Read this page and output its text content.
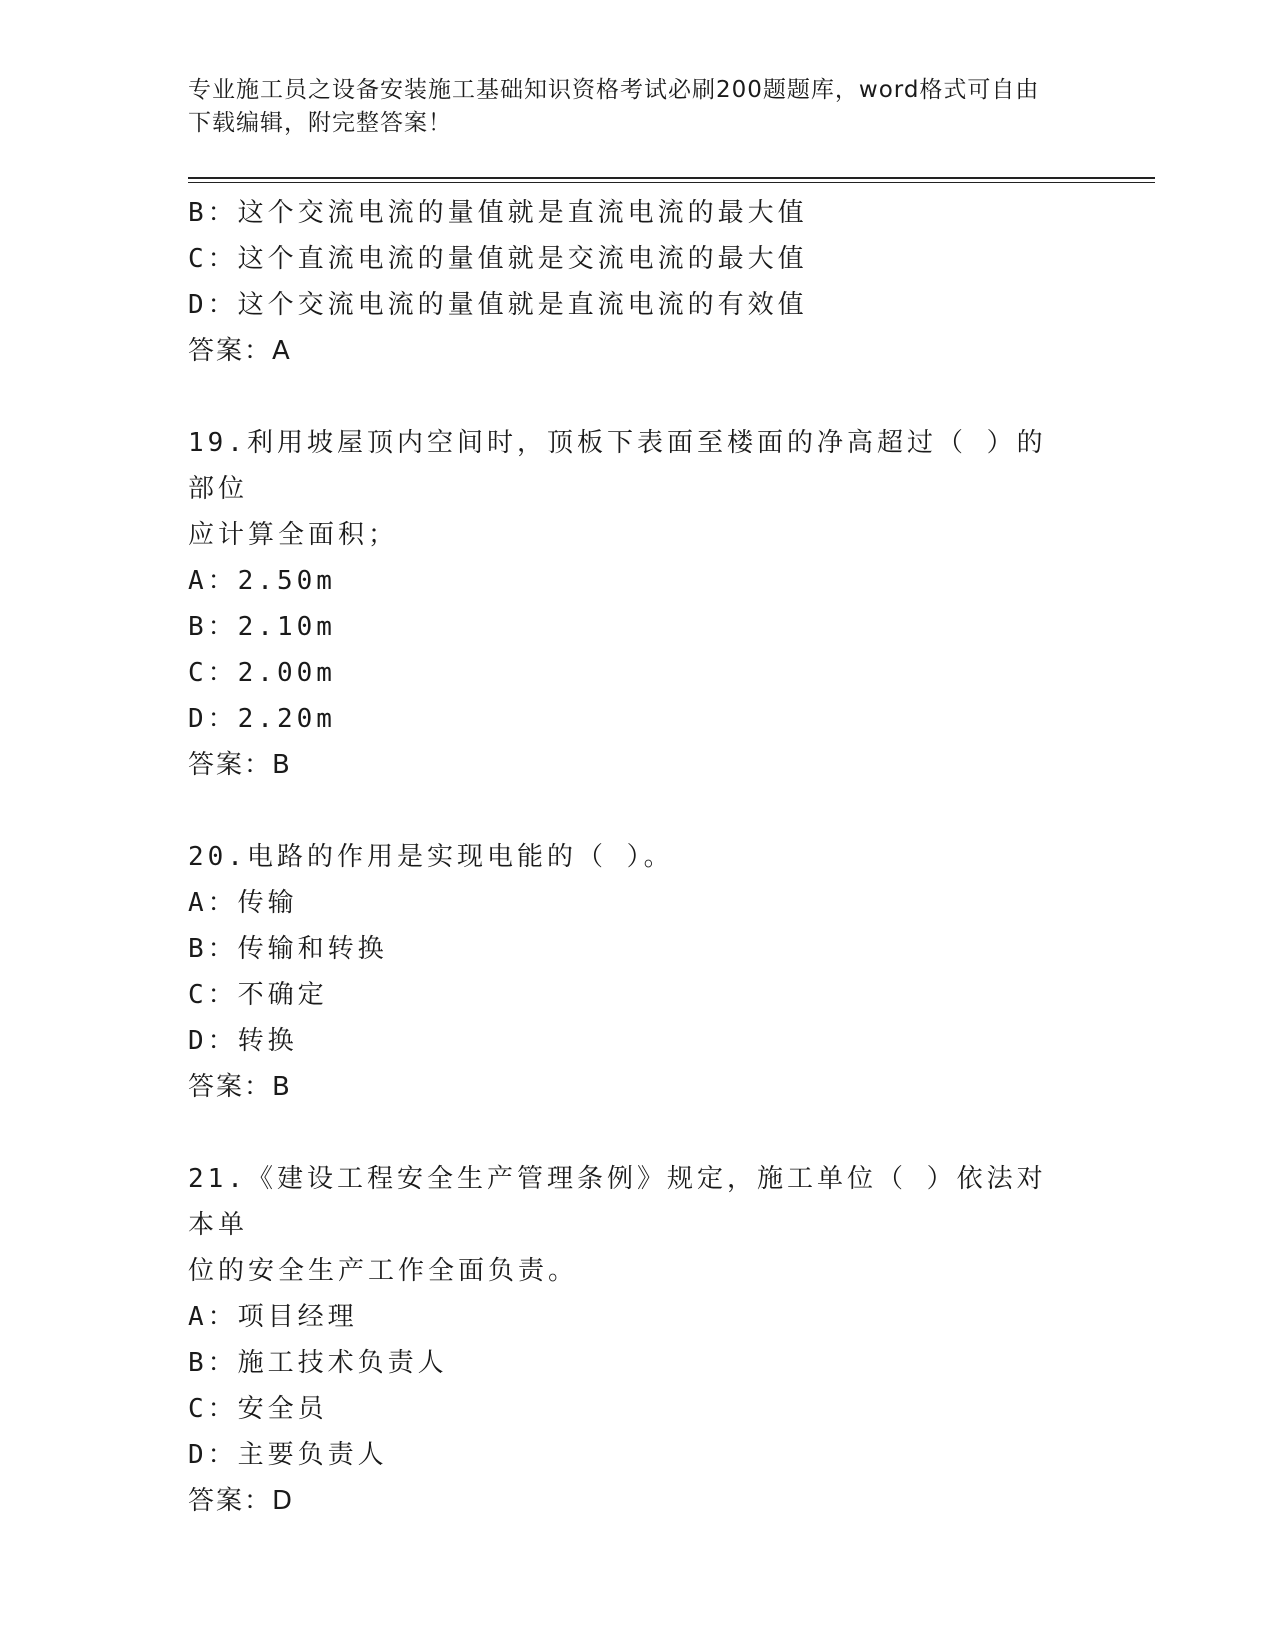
专业施工员之设备安装施工基础知识资格考试必刷200题题库，word格式可自由
下载编辑，附完整答案！
B：这个交流电流的量值就是直流电流的最大值
C：这个直流电流的量值就是交流电流的最大值
D：这个交流电流的量值就是直流电流的有效值
答案：A
19.利用坡屋顶内空间时，顶板下表面至楼面的净高超过（ ）的部位
应计算全面积；
A：2.50m
B：2.10m
C：2.00m
D：2.20m
答案：B
20.电路的作用是实现电能的（ ）。
A：传输
B：传输和转换
C：不确定
D：转换
答案：B
21.《建设工程安全生产管理条例》规定，施工单位（ ）依法对本单
位的安全生产工作全面负责。
A：项目经理
B：施工技术负责人
C：安全员
D：主要负责人
答案：D
